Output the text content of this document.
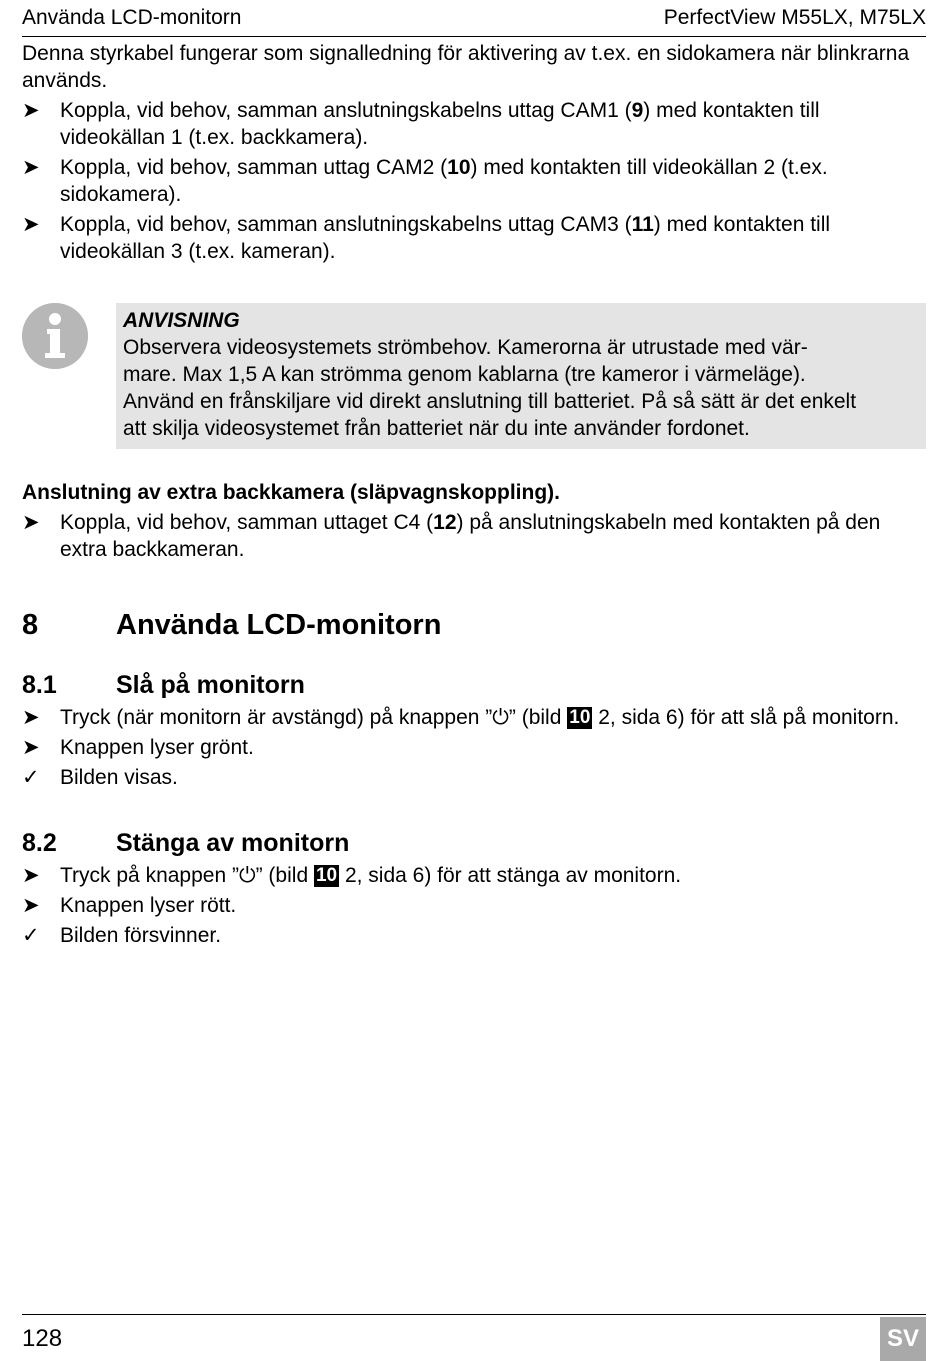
Använda LCD-monitorn	PerfectView M55LX, M75LX

Denna styrkabel fungerar som signalledning för aktivering av t.ex. en sidokamera när blinkrarna används.

➤ Koppla, vid behov, samman anslutningskabelns uttag CAM1 (9) med kontakten till videokällan 1 (t.ex. backkamera).
➤ Koppla, vid behov, samman uttag CAM2 (10) med kontakten till videokällan 2 (t.ex. sidokamera).
➤ Koppla, vid behov, samman anslutningskabelns uttag CAM3 (11) med kontakten till videokällan 3 (t.ex. kameran).
ANVISNING
Observera videosystemets strömbehov. Kamerorna är utrustade med vär-
mare. Max 1,5 A kan strömma genom kablarna (tre kameror i värmeläge).
Använd en frånskiljare vid direkt anslutning till batteriet. På så sätt är det enkelt
att skilja videosystemet från batteriet när du inte använder fordonet.

Anslutning av extra backkamera (släpvagnskoppling).

➤ Koppla, vid behov, samman uttaget C4 (12) på anslutningskabeln med kontakten på den extra backkameran.
8	Använda LCD-monitorn
8.1 Slå på monitorn
➤ Tryck (när monitorn är avstängd) på knappen ”⏻” (bild 10 2, sida 6) för att slå på monitorn.
➤ Knappen lyser grönt.
✓ Bilden visas.
8.2 Stänga av monitorn
➤ Tryck på knappen ”⏻” (bild 10 2, sida 6) för att stänga av monitorn.
➤ Knappen lyser rött.
✓ Bilden försvinner.
128	SV
